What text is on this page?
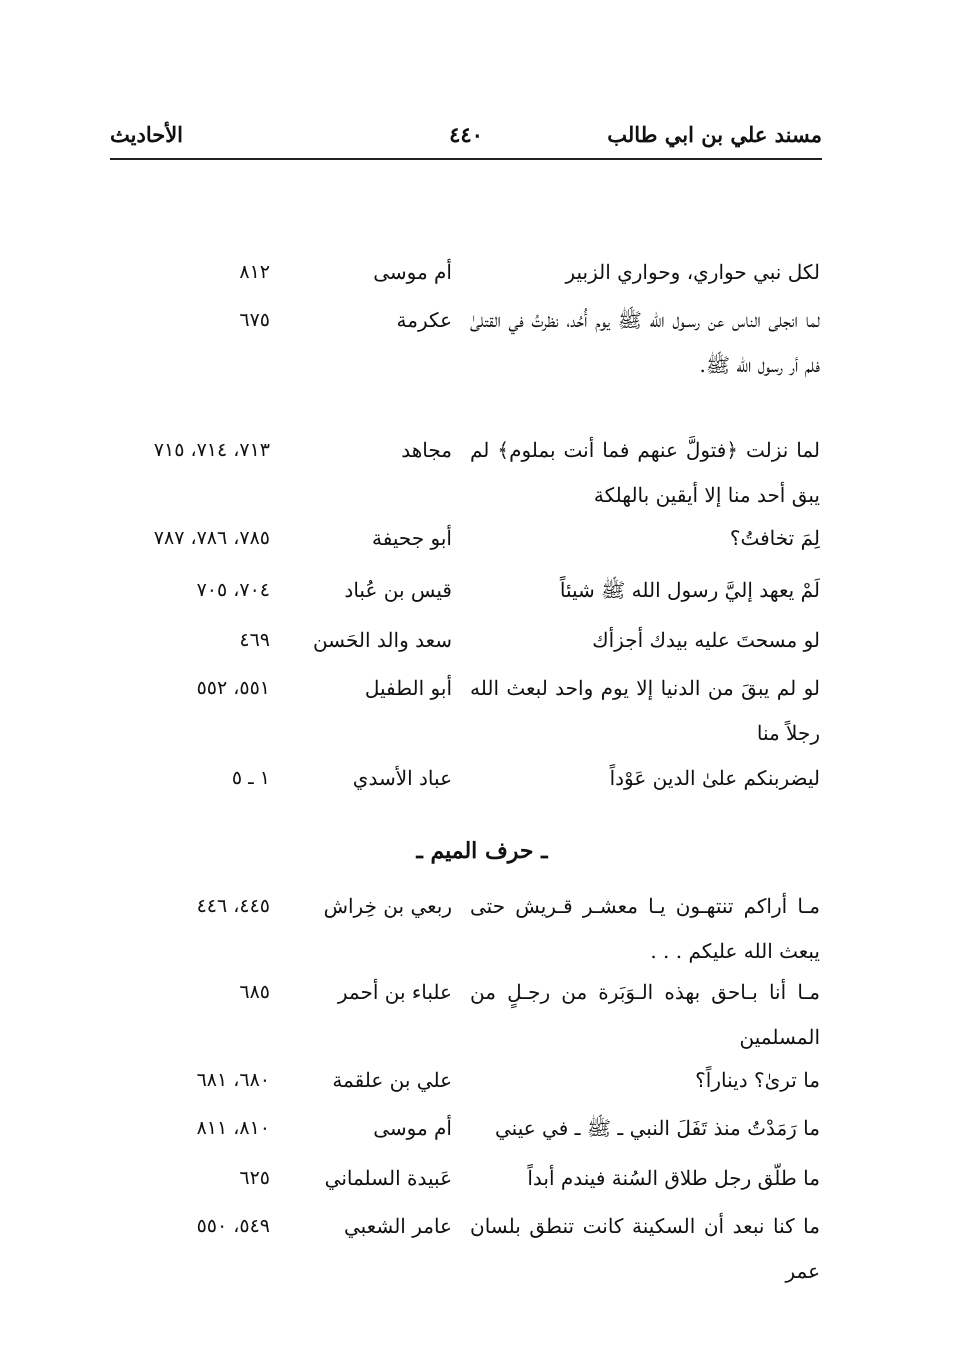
مسند علي بن ابي طالب
٤٤٠
الأحاديث
لكل نبي حواري، وحواري الزبير
أم موسى
٨١٢
لما انجلى الناس عن رسـول الله ﷺ يوم أُحُد، نظرتُ في القتلىٰ فلم أر رسول الله ﷺ.
عكرمة
٦٧٥
لما نزلت ﴿فتولَّ عنهم فما أنت بملوم﴾ لم يبق أحد منا إلا أيقين بالهلكة
مجاهد
٧١٣، ٧١٤، ٧١٥
لِمَ تخافتُ؟
أبو جحيفة
٧٨٥، ٧٨٦، ٧٨٧
لَمْ يعهد إليَّ رسول الله ﷺ شيئاً
قيس بن عُباد
٧٠٤، ٧٠٥
لو مسحتَ عليه بيدك أجزأك
سعد والد الحَسن
٤٦٩
لو لم يبقَ من الدنيا إلا يوم واحد لبعث الله رجلاً منا
أبو الطفيل
٥٥١، ٥٥٢
ليضربنكم علىٰ الدين عَوْداً
عباد الأسدي
١ ـ ٥
ـ حرف الميم ـ
مـا أراكم تنتهـون يـا معشـر قـريش حتى يبعث الله عليكم . . .
ربعي بن خِراش
٤٤٥، ٤٤٦
مـا أنا بـاحق بهذه الـوَبَرة من رجـلٍ من المسلمين
علباء بن أحمر
٦٨٥
ما ترىٰ؟ ديناراً؟
علي بن علقمة
٦٨٠، ٦٨١
ما رَمَدْتُ منذ تَفَلَ النبي ـ ﷺ ـ في عيني
أم موسى
٨١٠، ٨١١
ما طلّق رجل طلاق السُنة فيندم أبداً
عَبيدة السلماني
٦٢٥
ما كنا نبعد أن السكينة كانت تنطق بلسان عمر
عامر الشعبي
٥٤٩، ٥٥٠
